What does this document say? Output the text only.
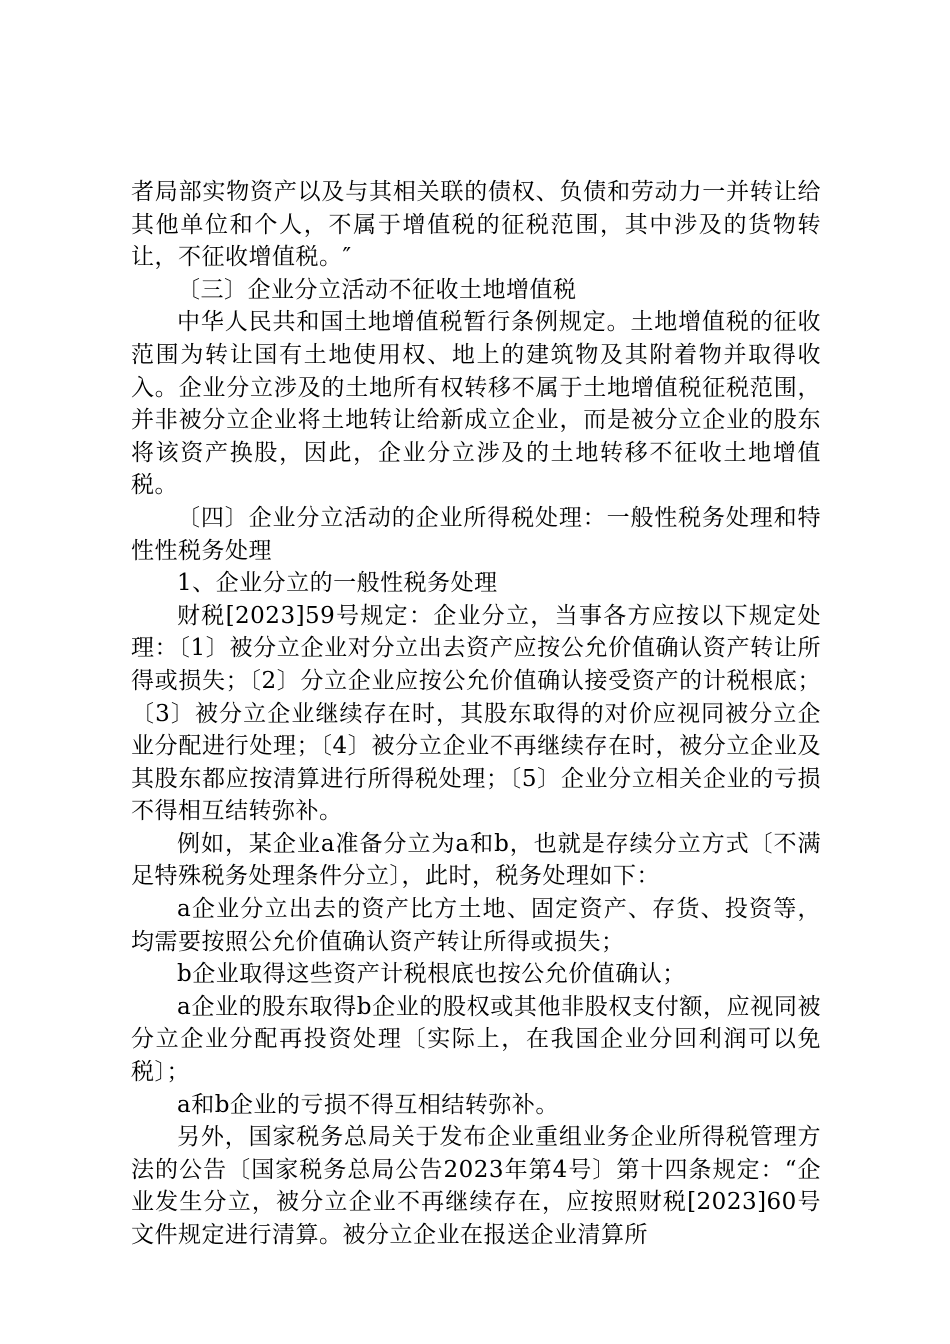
者局部实物资产以及与其相关联的债权、负债和劳动力一并转让给其他单位和个人，不属于增值税的征税范围，其中涉及的货物转让，不征收增值税。″

〔三〕企业分立活动不征收土地增值税

中华人民共和国土地增值税暂行条例规定。土地增值税的征收范围为转让国有土地使用权、地上的建筑物及其附着物并取得收入。企业分立涉及的土地所有权转移不属于土地增值税征税范围，并非被分立企业将土地转让给新成立企业，而是被分立企业的股东将该资产换股，因此，企业分立涉及的土地转移不征收土地增值税。

〔四〕企业分立活动的企业所得税处理：一般性税务处理和特性性税务处理

1、企业分立的一般性税务处理

财税[2023]59号规定：企业分立，当事各方应按以下规定处理：〔1〕被分立企业对分立出去资产应按公允价值确认资产转让所得或损失；〔2〕分立企业应按公允价值确认接受资产的计税根底；〔3〕被分立企业继续存在时，其股东取得的对价应视同被分立企业分配进行处理；〔4〕被分立企业不再继续存在时，被分立企业及其股东都应按清算进行所得税处理；〔5〕企业分立相关企业的亏损不得相互结转弥补。

例如，某企业a准备分立为a和b，也就是存续分立方式〔不满足特殊税务处理条件分立〕，此时，税务处理如下：

a企业分立出去的资产比方土地、固定资产、存货、投资等，均需要按照公允价值确认资产转让所得或损失；

b企业取得这些资产计税根底也按公允价值确认；

a企业的股东取得b企业的股权或其他非股权支付额，应视同被分立企业分配再投资处理〔实际上，在我国企业分回利润可以免税〕；

a和b企业的亏损不得互相结转弥补。

另外，国家税务总局关于发布企业重组业务企业所得税管理方法的公告〔国家税务总局公告2023年第4号〕第十四条规定：“企业发生分立，被分立企业不再继续存在，应按照财税[2023]60号文件规定进行清算。被分立企业在报送企业清算所
